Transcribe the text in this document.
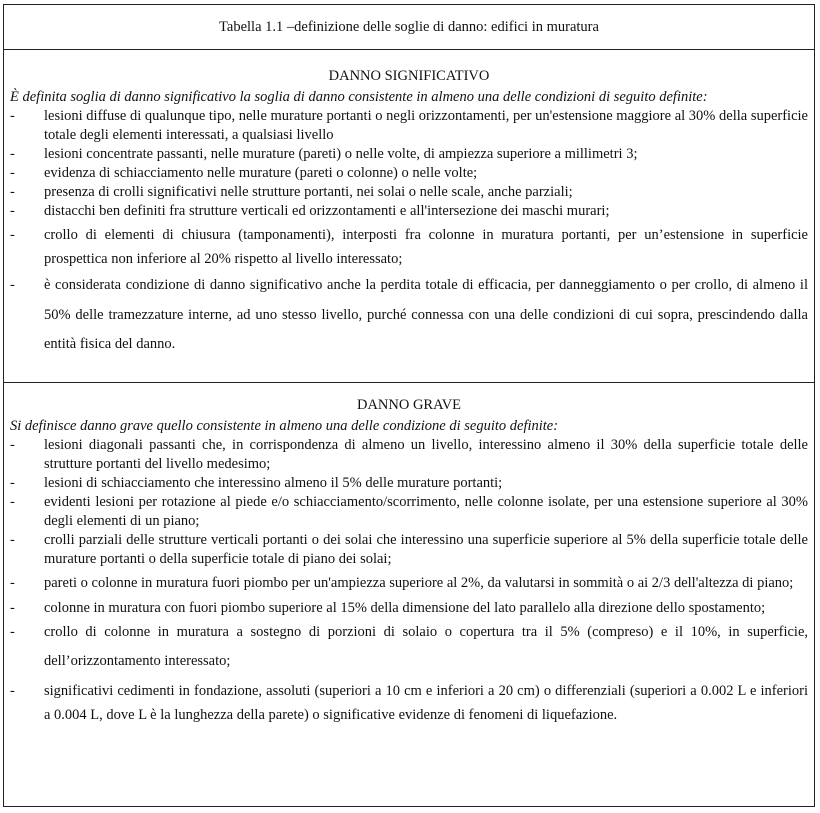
Tabella 1.1 –definizione delle soglie di danno: edifici in muratura
DANNO SIGNIFICATIVO

È definita soglia di danno significativo la soglia di danno consistente in almeno una delle condizioni di seguito definite:

-	lesioni diffuse di qualunque tipo, nelle murature portanti o negli orizzontamenti, per un'estensione maggiore al 30% della superficie totale degli elementi interessati, a qualsiasi livello
-	lesioni concentrate passanti, nelle murature (pareti) o nelle volte, di ampiezza superiore a millimetri 3;
-	evidenza di schiacciamento nelle murature (pareti o colonne) o nelle volte;
-	presenza di crolli significativi nelle strutture portanti, nei solai o nelle scale, anche parziali;
-	distacchi ben definiti fra strutture verticali ed orizzontamenti e all'intersezione dei maschi murari;
-	crollo di elementi di chiusura (tamponamenti), interposti fra colonne in muratura portanti, per un’estensione in superficie prospettica non inferiore al 20% rispetto al livello interessato;
-	è considerata condizione di danno significativo anche la perdita totale di efficacia, per danneggiamento o per crollo, di almeno il 50% delle tramezzature interne, ad uno stesso livello, purché connessa con una delle condizioni di cui sopra, prescindendo dalla entità fisica del danno.
DANNO GRAVE

Si definisce danno grave quello consistente in almeno una delle condizione di seguito definite:

-	lesioni diagonali passanti che, in corrispondenza di almeno un livello, interessino almeno il 30% della superficie totale delle strutture portanti del livello medesimo;
-	lesioni di schiacciamento che interessino almeno il 5% delle murature portanti;
-	evidenti lesioni per rotazione al piede e/o schiacciamento/scorrimento, nelle colonne isolate, per una estensione superiore al 30% degli elementi di un piano;
-	crolli parziali delle strutture verticali portanti o dei solai che interessino una superficie superiore al 5% della superficie totale delle murature portanti o della superficie totale di piano dei solai;
-	pareti o colonne in muratura fuori piombo per un'ampiezza superiore al 2%, da valutarsi in sommità o ai 2/3 dell'altezza di piano;
-	colonne in muratura con fuori piombo superiore al 15% della dimensione del lato parallelo alla direzione dello spostamento;
-	crollo di colonne in muratura a sostegno di porzioni di solaio o copertura tra il 5% (compreso) e il 10%, in superficie, dell’orizzontamento interessato;
-	significativi cedimenti in fondazione, assoluti (superiori a 10 cm e inferiori a 20 cm) o differenziali (superiori a 0.002 L e inferiori a 0.004 L, dove L è la lunghezza della parete) o significative evidenze di fenomeni di liquefazione.
